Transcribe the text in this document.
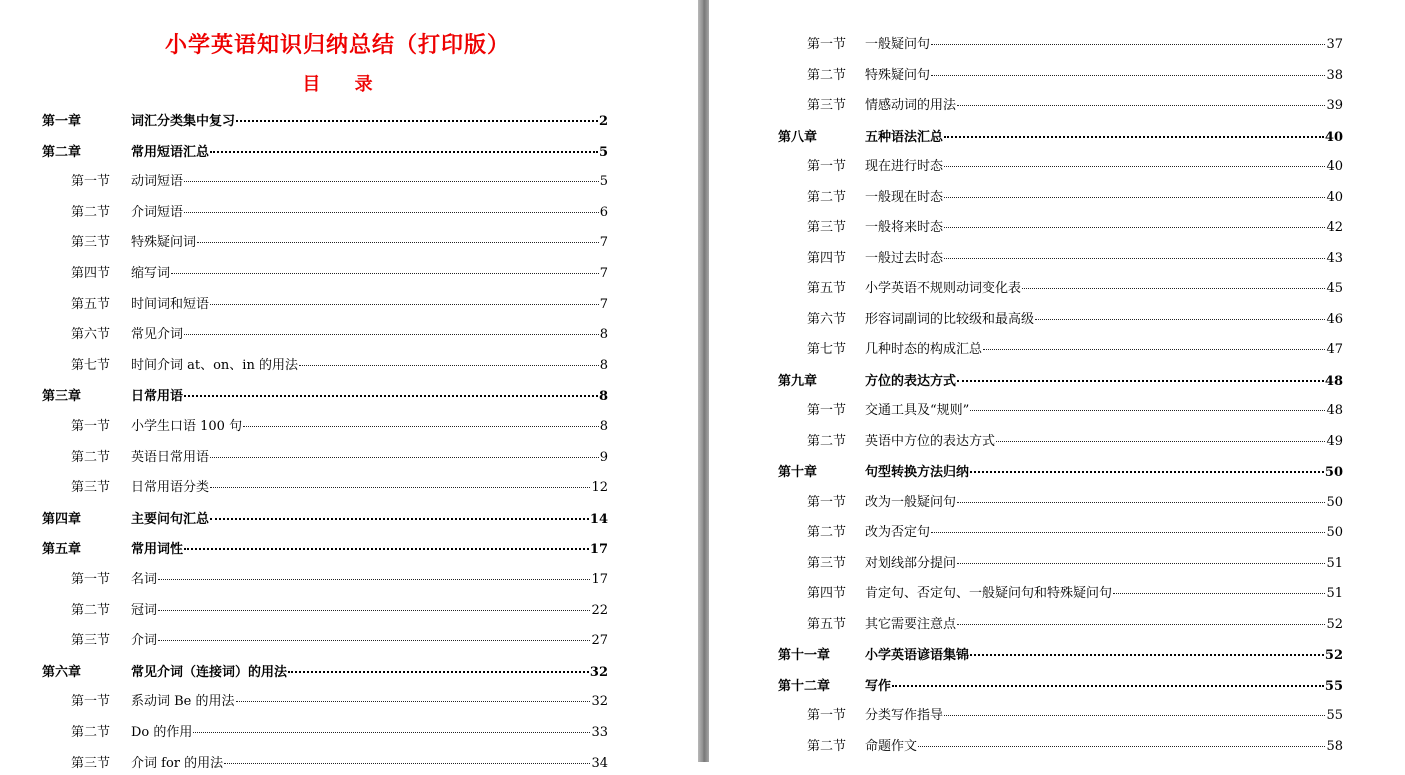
小学英语知识归纳总结（打印版）
目 录
第一章	词汇分类集中复习	2
第二章	常用短语汇总	5
第一节	动词短语	5
第二节	介词短语	6
第三节	特殊疑问词	7
第四节	缩写词	7
第五节	时间词和短语	7
第六节	常见介词	8
第七节	时间介词 at、on、in 的用法	8
第三章	日常用语	8
第一节	小学生口语 100 句	8
第二节	英语日常用语	9
第三节	日常用语分类	12
第四章	主要问句汇总	14
第五章	常用词性	17
第一节	名词	17
第二节	冠词	22
第三节	介词	27
第六章	常见介词（连接词）的用法	32
第一节	系动词 Be 的用法	32
第二节	Do 的作用	33
第三节	介词 for 的用法	34
第一节	一般疑问句	37
第二节	特殊疑问句	38
第三节	情感动词的用法	39
第八章	五种语法汇总	40
第一节	现在进行时态	40
第二节	一般现在时态	40
第三节	一般将来时态	42
第四节	一般过去时态	43
第五节	小学英语不规则动词变化表	45
第六节	形容词副词的比较级和最高级	46
第七节	几种时态的构成汇总	47
第九章	方位的表达方式	48
第一节	交通工具及“规则”	48
第二节	英语中方位的表达方式	49
第十章	句型转换方法归纳	50
第一节	改为一般疑问句	50
第二节	改为否定句	50
第三节	对划线部分提问	51
第四节	肯定句、否定句、一般疑问句和特殊疑问句	51
第五节	其它需要注意点	52
第十一章	小学英语谚语集锦	52
第十二章	写作	55
第一节	分类写作指导	55
第二节	命题作文	58
